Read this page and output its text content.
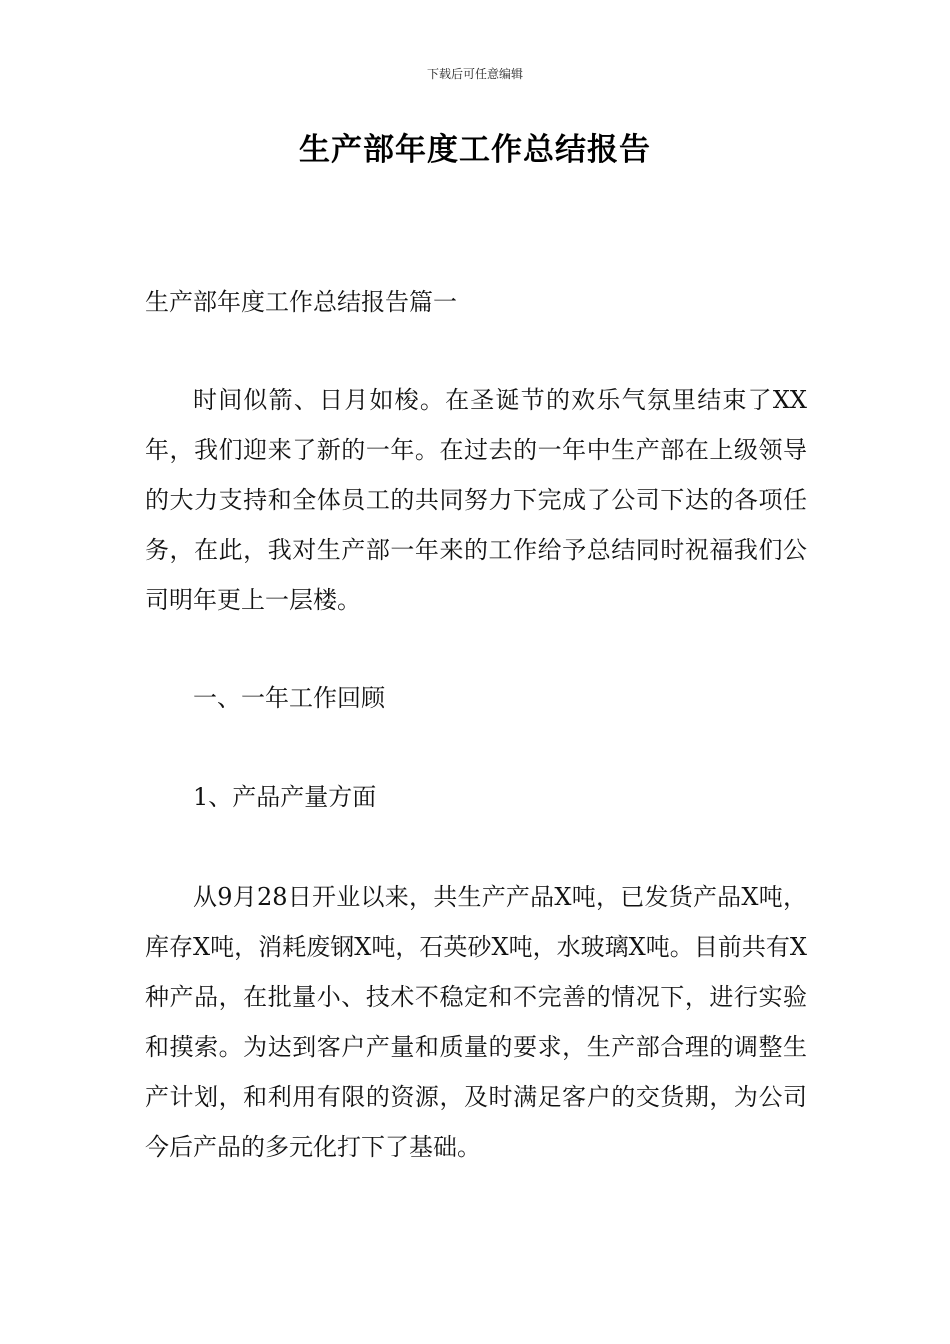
下载后可任意编辑
生产部年度工作总结报告
生产部年度工作总结报告篇一

时间似箭、日月如梭。在圣诞节的欢乐气氛里结束了XX年，我们迎来了新的一年。在过去的一年中生产部在上级领导的大力支持和全体员工的共同努力下完成了公司下达的各项任务，在此，我对生产部一年来的工作给予总结同时祝福我们公司明年更上一层楼。

一、一年工作回顾
1、产品产量方面

从9月28日开业以来，共生产产品X吨，已发货产品X吨，库存X吨，消耗废钢X吨，石英砂X吨，水玻璃X吨。目前共有X种产品，在批量小、技术不稳定和不完善的情况下，进行实验和摸索。为达到客户产量和质量的要求，生产部合理的调整生产计划，和利用有限的资源，及时满足客户的交货期，为公司今后产品的多元化打下了基础。
